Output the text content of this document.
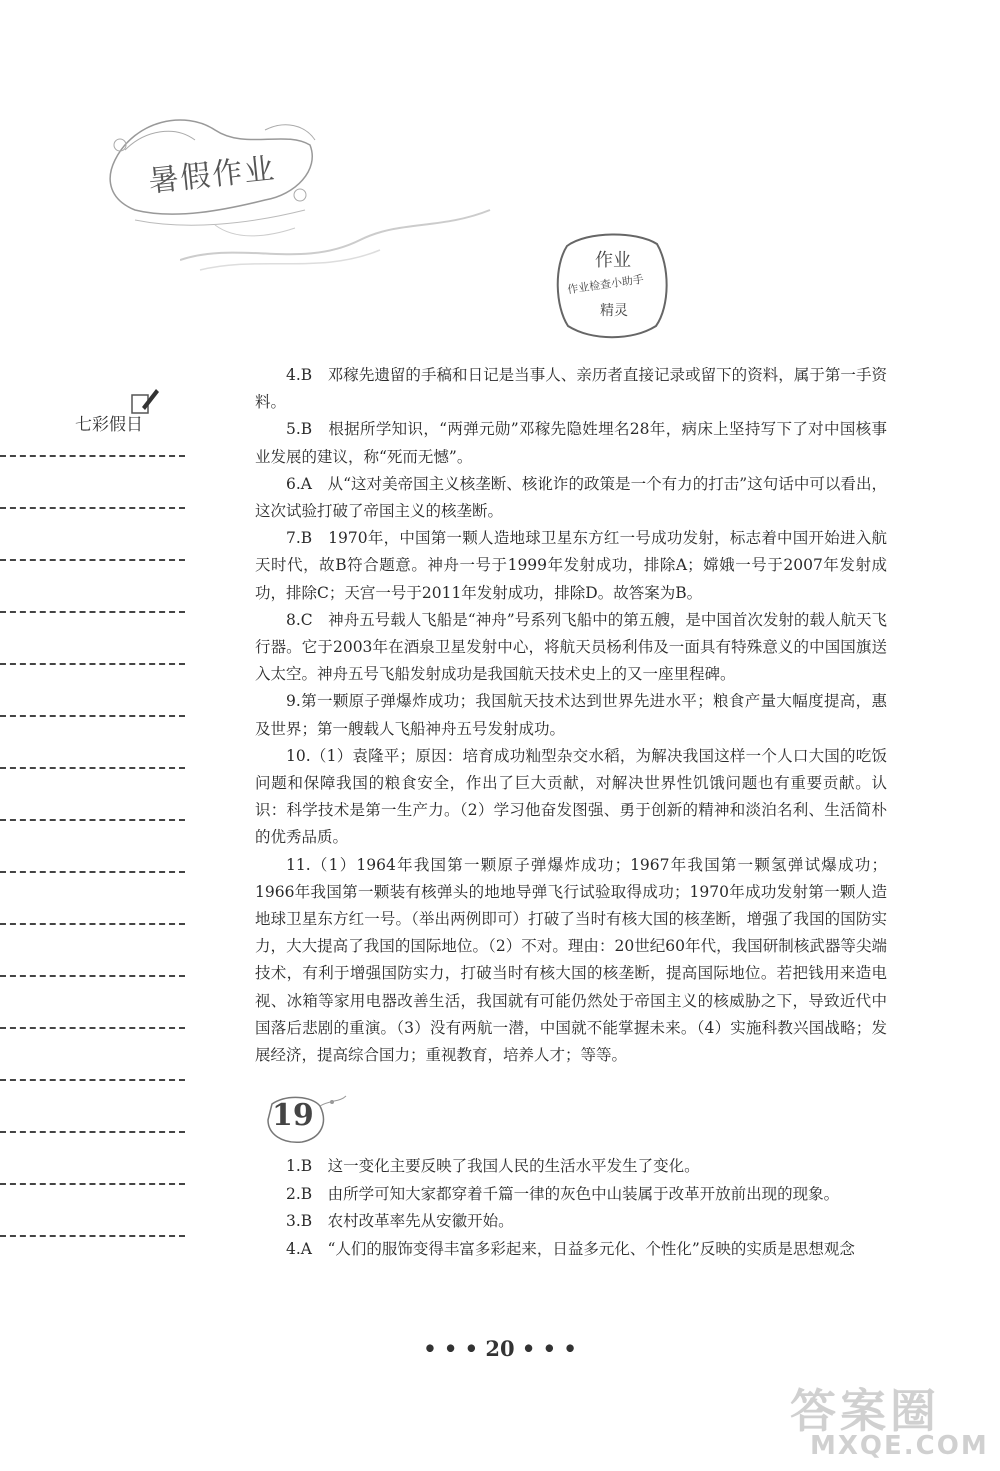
暑假作业
作业
作业检查小助手
精灵
七彩假日

4.B　邓稼先遗留的手稿和日记是当事人、亲历者直接记录或留下的资料，属于第一手资料。

5.B　根据所学知识，“两弹元勋”邓稼先隐姓埋名28年，病床上坚持写下了对中国核事业发展的建议，称“死而无憾”。

6.A　从“这对美帝国主义核垄断、核讹诈的政策是一个有力的打击”这句话中可以看出，这次试验打破了帝国主义的核垄断。

7.B　1970年，中国第一颗人造地球卫星东方红一号成功发射，标志着中国开始进入航天时代，故B符合题意。神舟一号于1999年发射成功，排除A；嫦娥一号于2007年发射成功，排除C；天宫一号于2011年发射成功，排除D。故答案为B。

8.C　神舟五号载人飞船是“神舟”号系列飞船中的第五艘，是中国首次发射的载人航天飞行器。它于2003年在酒泉卫星发射中心，将航天员杨利伟及一面具有特殊意义的中国国旗送入太空。神舟五号飞船发射成功是我国航天技术史上的又一座里程碑。

9.第一颗原子弹爆炸成功；我国航天技术达到世界先进水平；粮食产量大幅度提高，惠及世界；第一艘载人飞船神舟五号发射成功。

10.（1）袁隆平；原因：培育成功籼型杂交水稻，为解决我国这样一个人口大国的吃饭问题和保障我国的粮食安全，作出了巨大贡献，对解决世界性饥饿问题也有重要贡献。认识：科学技术是第一生产力。（2）学习他奋发图强、勇于创新的精神和淡泊名利、生活简朴的优秀品质。

11.（1）1964年我国第一颗原子弹爆炸成功；1967年我国第一颗氢弹试爆成功；1966年我国第一颗装有核弹头的地地导弹飞行试验取得成功；1970年成功发射第一颗人造地球卫星东方红一号。（举出两例即可）打破了当时有核大国的核垄断，增强了我国的国防实力，大大提高了我国的国际地位。（2）不对。理由：20世纪60年代，我国研制核武器等尖端技术，有利于增强国防实力，打破当时有核大国的核垄断，提高国际地位。若把钱用来造电视、冰箱等家用电器改善生活，我国就有可能仍然处于帝国主义的核威胁之下，导致近代中国落后悲剧的重演。（3）没有两航一潜，中国就不能掌握未来。（4）实施科教兴国战略；发展经济，提高综合国力；重视教育，培养人才；等等。

19

1.B　这一变化主要反映了我国人民的生活水平发生了变化。

2.B　由所学可知大家都穿着千篇一律的灰色中山装属于改革开放前出现的现象。

3.B　农村改革率先从安徽开始。

4.A　“人们的服饰变得丰富多彩起来，日益多元化、个性化”反映的实质是思想观念

• • • 20 • • •
答案圈
MXQE.COM
